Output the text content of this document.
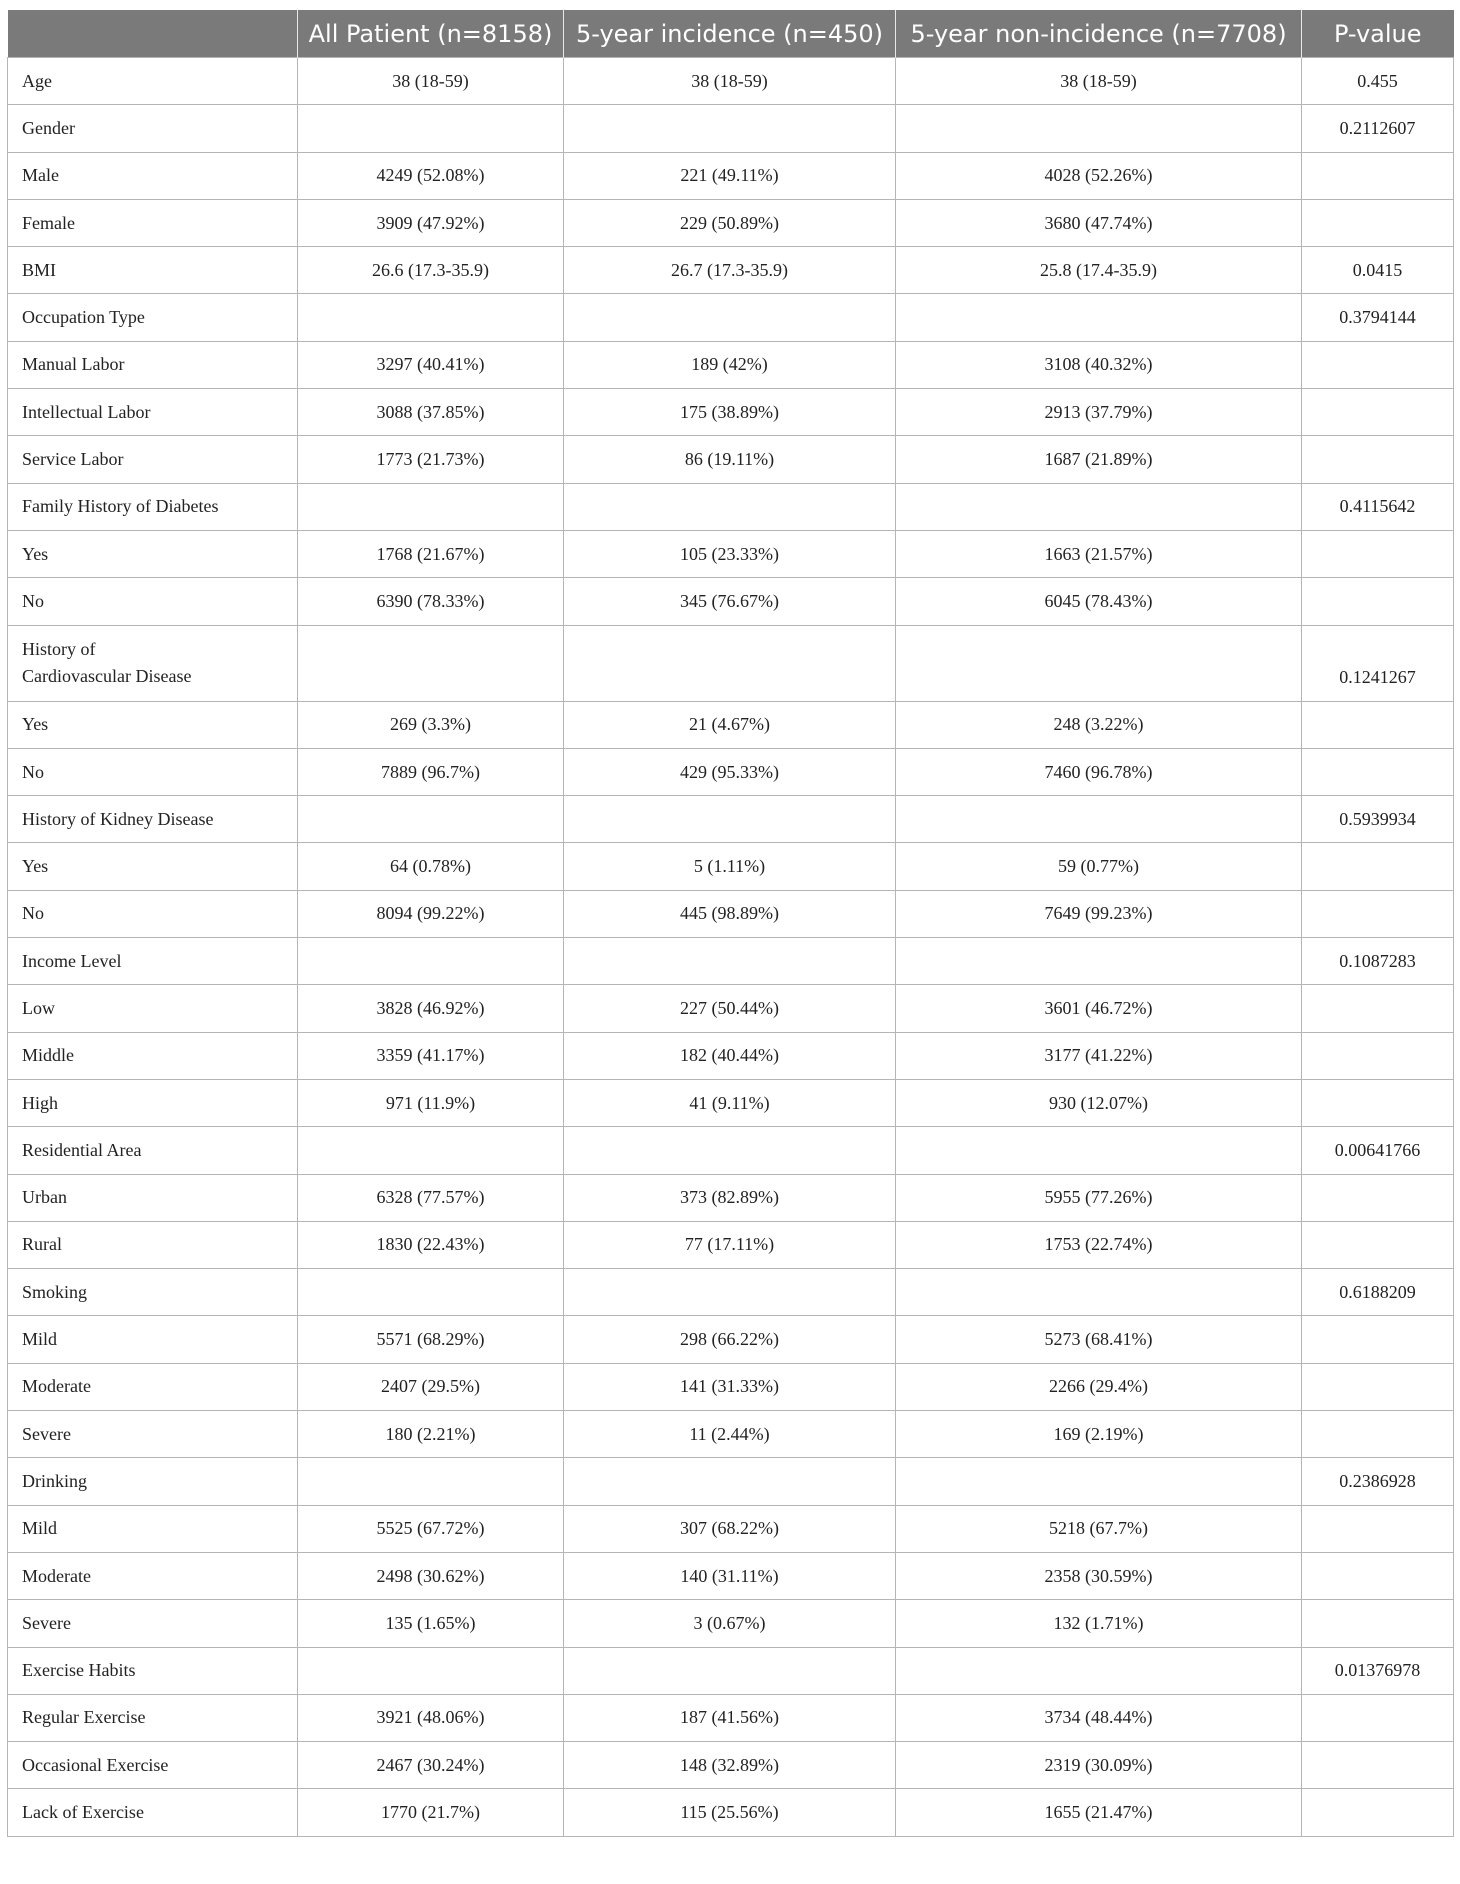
	All Patient (n=8158)	5-year incidence (n=450)	5-year non-incidence (n=7708)	P-value

Age	38 (18-59)	38 (18-59)	38 (18-59)	0.455

Gender				0.2112607

Male	4249 (52.08%)	221 (49.11%)	4028 (52.26%)	

Female	3909 (47.92%)	229 (50.89%)	3680 (47.74%)	

BMI	26.6 (17.3-35.9)	26.7 (17.3-35.9)	25.8 (17.4-35.9)	0.0415

Occupation Type				0.3794144

Manual Labor	3297 (40.41%)	189 (42%)	3108 (40.32%)	

Intellectual Labor	3088 (37.85%)	175 (38.89%)	2913 (37.79%)	

Service Labor	1773 (21.73%)	86 (19.11%)	1687 (21.89%)	

Family History of Diabetes				0.4115642

Yes	1768 (21.67%)	105 (23.33%)	1663 (21.57%)	

No	6390 (78.33%)	345 (76.67%)	6045 (78.43%)	

History of
Cardiovascular Disease				0.1241267

Yes	269 (3.3%)	21 (4.67%)	248 (3.22%)	

No	7889 (96.7%)	429 (95.33%)	7460 (96.78%)	

History of Kidney Disease				0.5939934

Yes	64 (0.78%)	5 (1.11%)	59 (0.77%)	

No	8094 (99.22%)	445 (98.89%)	7649 (99.23%)	

Income Level				0.1087283

Low	3828 (46.92%)	227 (50.44%)	3601 (46.72%)	

Middle	3359 (41.17%)	182 (40.44%)	3177 (41.22%)	

High	971 (11.9%)	41 (9.11%)	930 (12.07%)	

Residential Area				0.00641766

Urban	6328 (77.57%)	373 (82.89%)	5955 (77.26%)	

Rural	1830 (22.43%)	77 (17.11%)	1753 (22.74%)	

Smoking				0.6188209

Mild	5571 (68.29%)	298 (66.22%)	5273 (68.41%)	

Moderate	2407 (29.5%)	141 (31.33%)	2266 (29.4%)	

Severe	180 (2.21%)	11 (2.44%)	169 (2.19%)	

Drinking				0.2386928

Mild	5525 (67.72%)	307 (68.22%)	5218 (67.7%)	

Moderate	2498 (30.62%)	140 (31.11%)	2358 (30.59%)	

Severe	135 (1.65%)	3 (0.67%)	132 (1.71%)	

Exercise Habits				0.01376978

Regular Exercise	3921 (48.06%)	187 (41.56%)	3734 (48.44%)	

Occasional Exercise	2467 (30.24%)	148 (32.89%)	2319 (30.09%)	

Lack of Exercise	1770 (21.7%)	115 (25.56%)	1655 (21.47%)	
